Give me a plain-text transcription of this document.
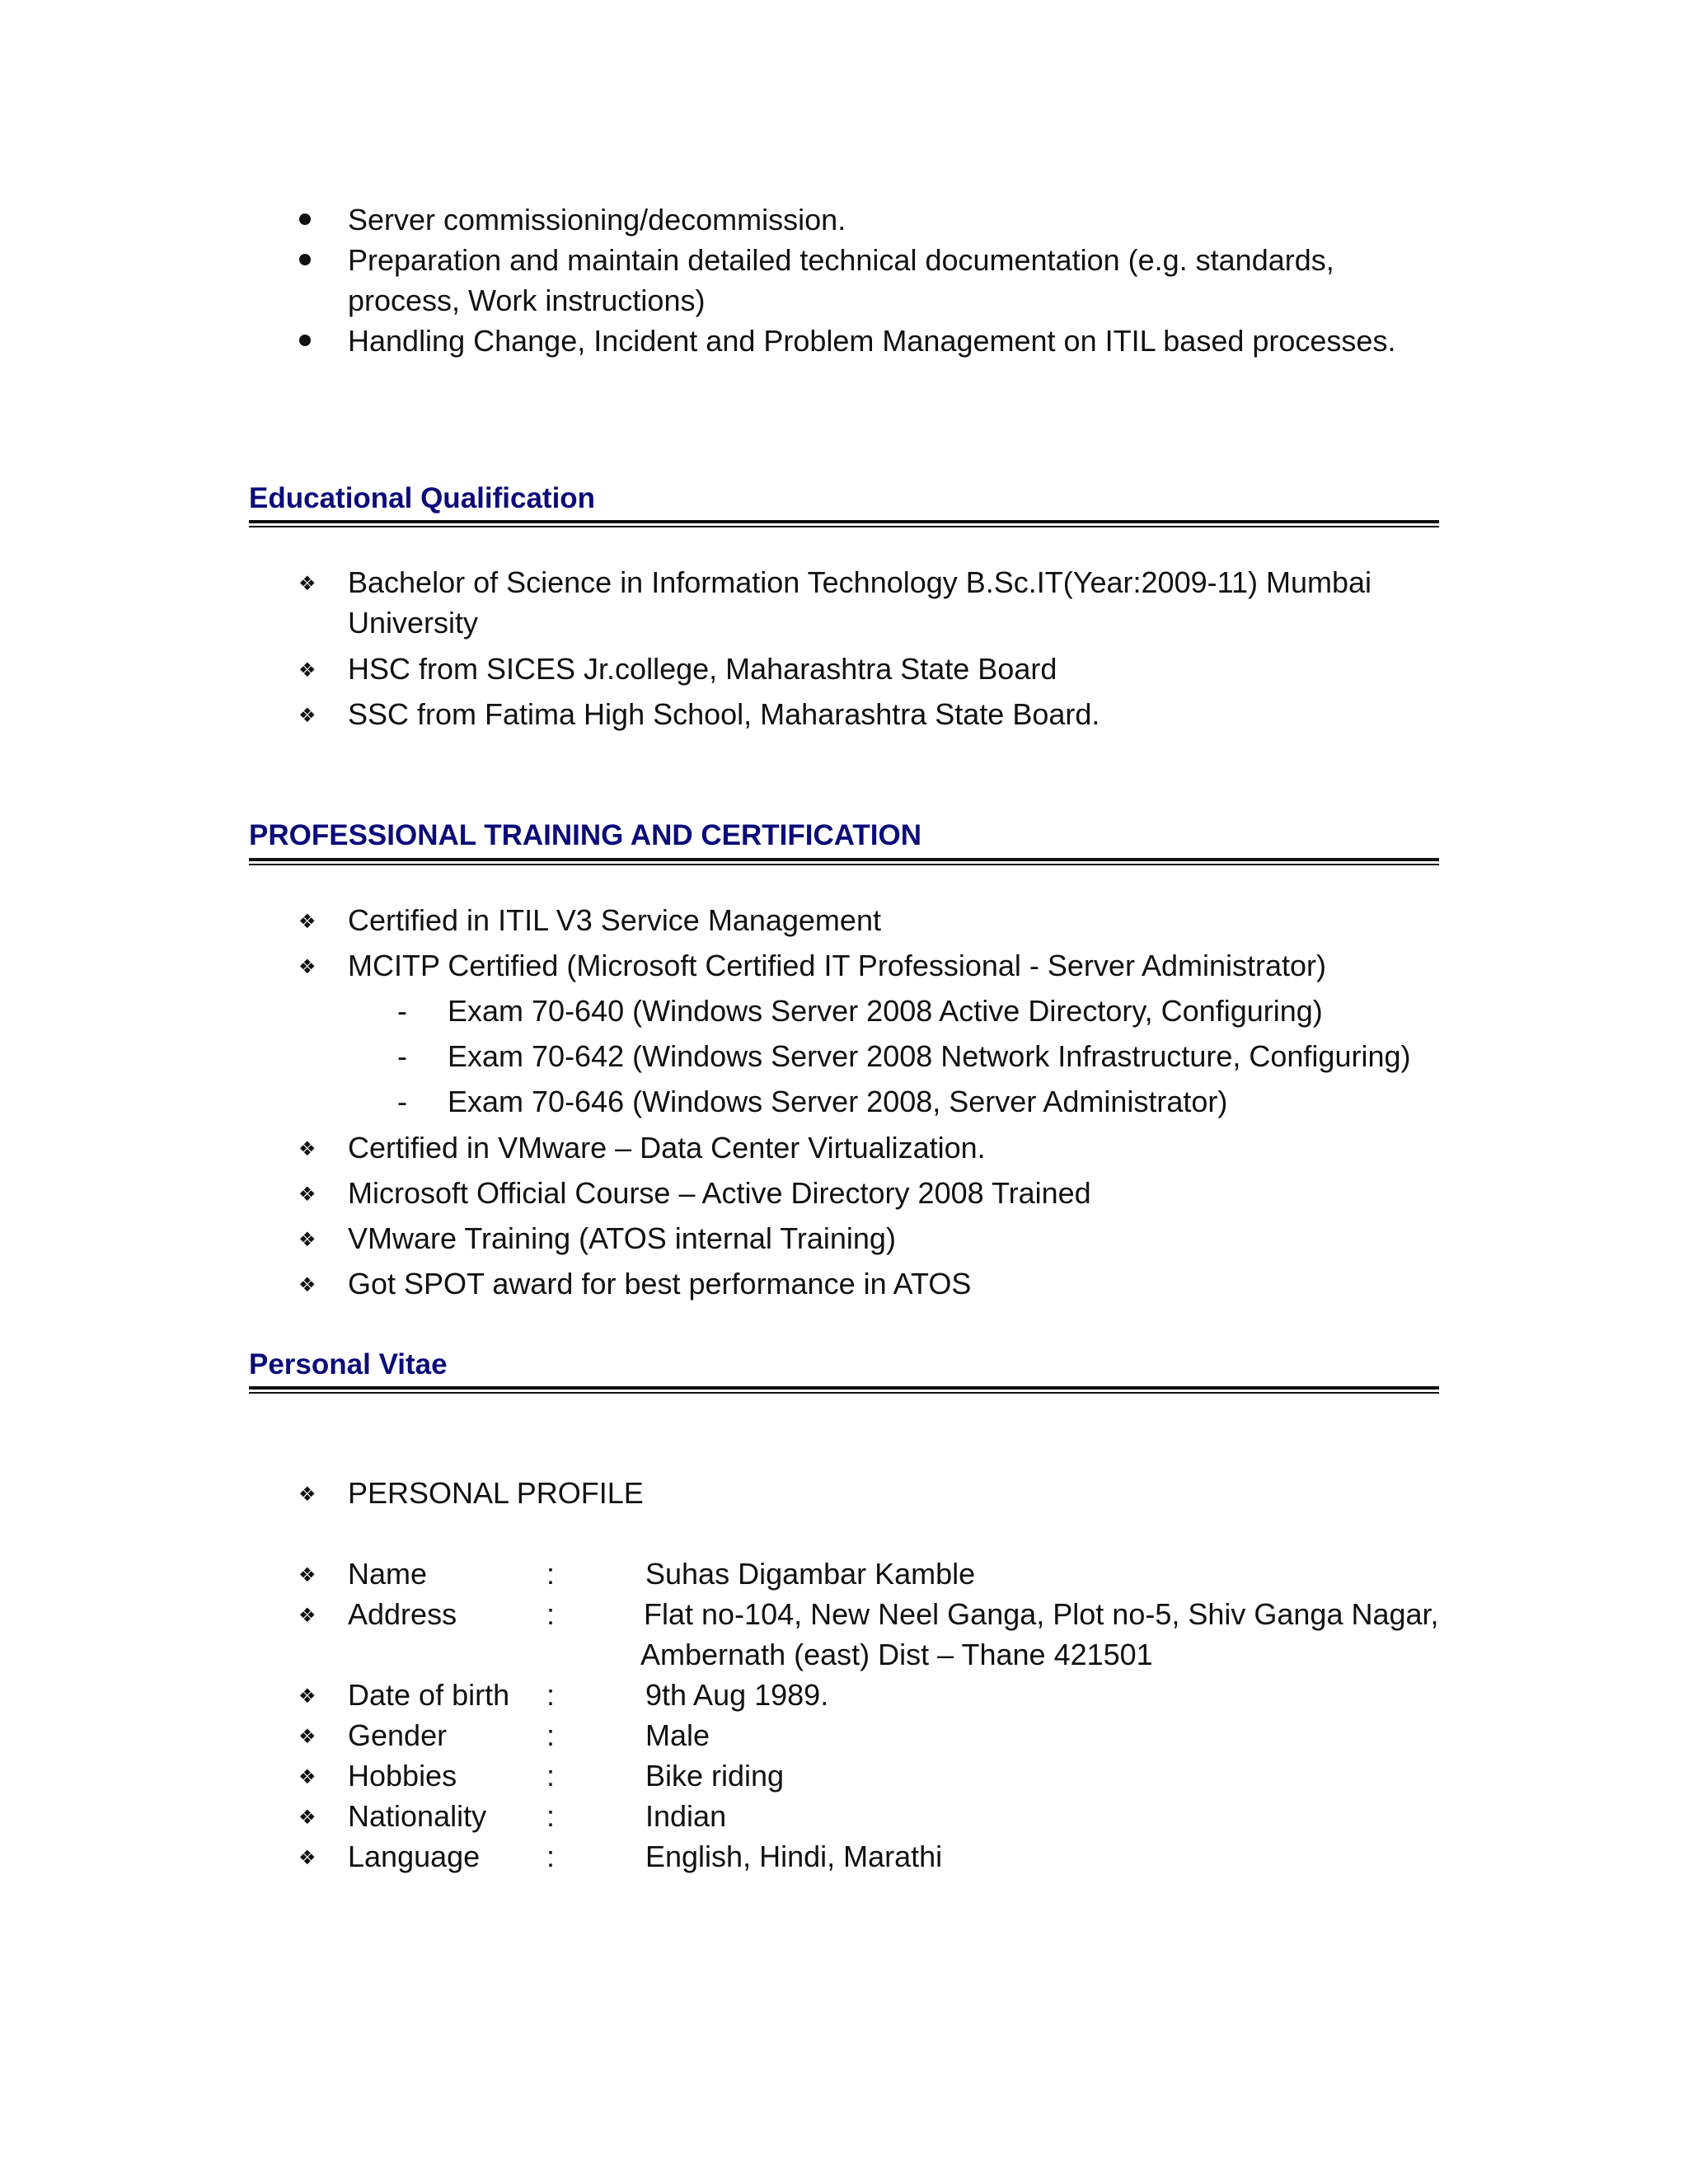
Server commissioning/decommission.
Preparation and maintain detailed technical documentation (e.g. standards,
process, Work instructions)
Handling Change, Incident and Problem Management on ITIL based processes.
Educational Qualification
❖ Bachelor of Science in Information Technology B.Sc.IT(Year:2009-11) Mumbai
University
❖ HSC from SICES Jr.college, Maharashtra State Board
❖ SSC from Fatima High School, Maharashtra State Board.
PROFESSIONAL TRAINING AND CERTIFICATION
❖ Certified in ITIL V3 Service Management
❖ MCITP Certified (Microsoft Certified IT Professional - Server Administrator)
- Exam 70-640 (Windows Server 2008 Active Directory, Configuring)
- Exam 70-642 (Windows Server 2008 Network Infrastructure, Configuring)
- Exam 70-646 (Windows Server 2008, Server Administrator)
❖ Certified in VMware – Data Center Virtualization.
❖ Microsoft Official Course – Active Directory 2008 Trained
❖ VMware Training (ATOS internal Training)
❖ Got SPOT award for best performance in ATOS
Personal Vitae
❖ PERSONAL PROFILE
❖ Name	:	Suhas Digambar Kamble
❖ Address	:	Flat no-104, New Neel Ganga, Plot no-5, Shiv Ganga Nagar,
Ambernath (east) Dist – Thane 421501
❖ Date of birth :	9th Aug 1989.
❖ Gender	:	Male
❖ Hobbies	:	Bike riding
❖ Nationality :	Indian
❖ Language :	English, Hindi, Marathi
